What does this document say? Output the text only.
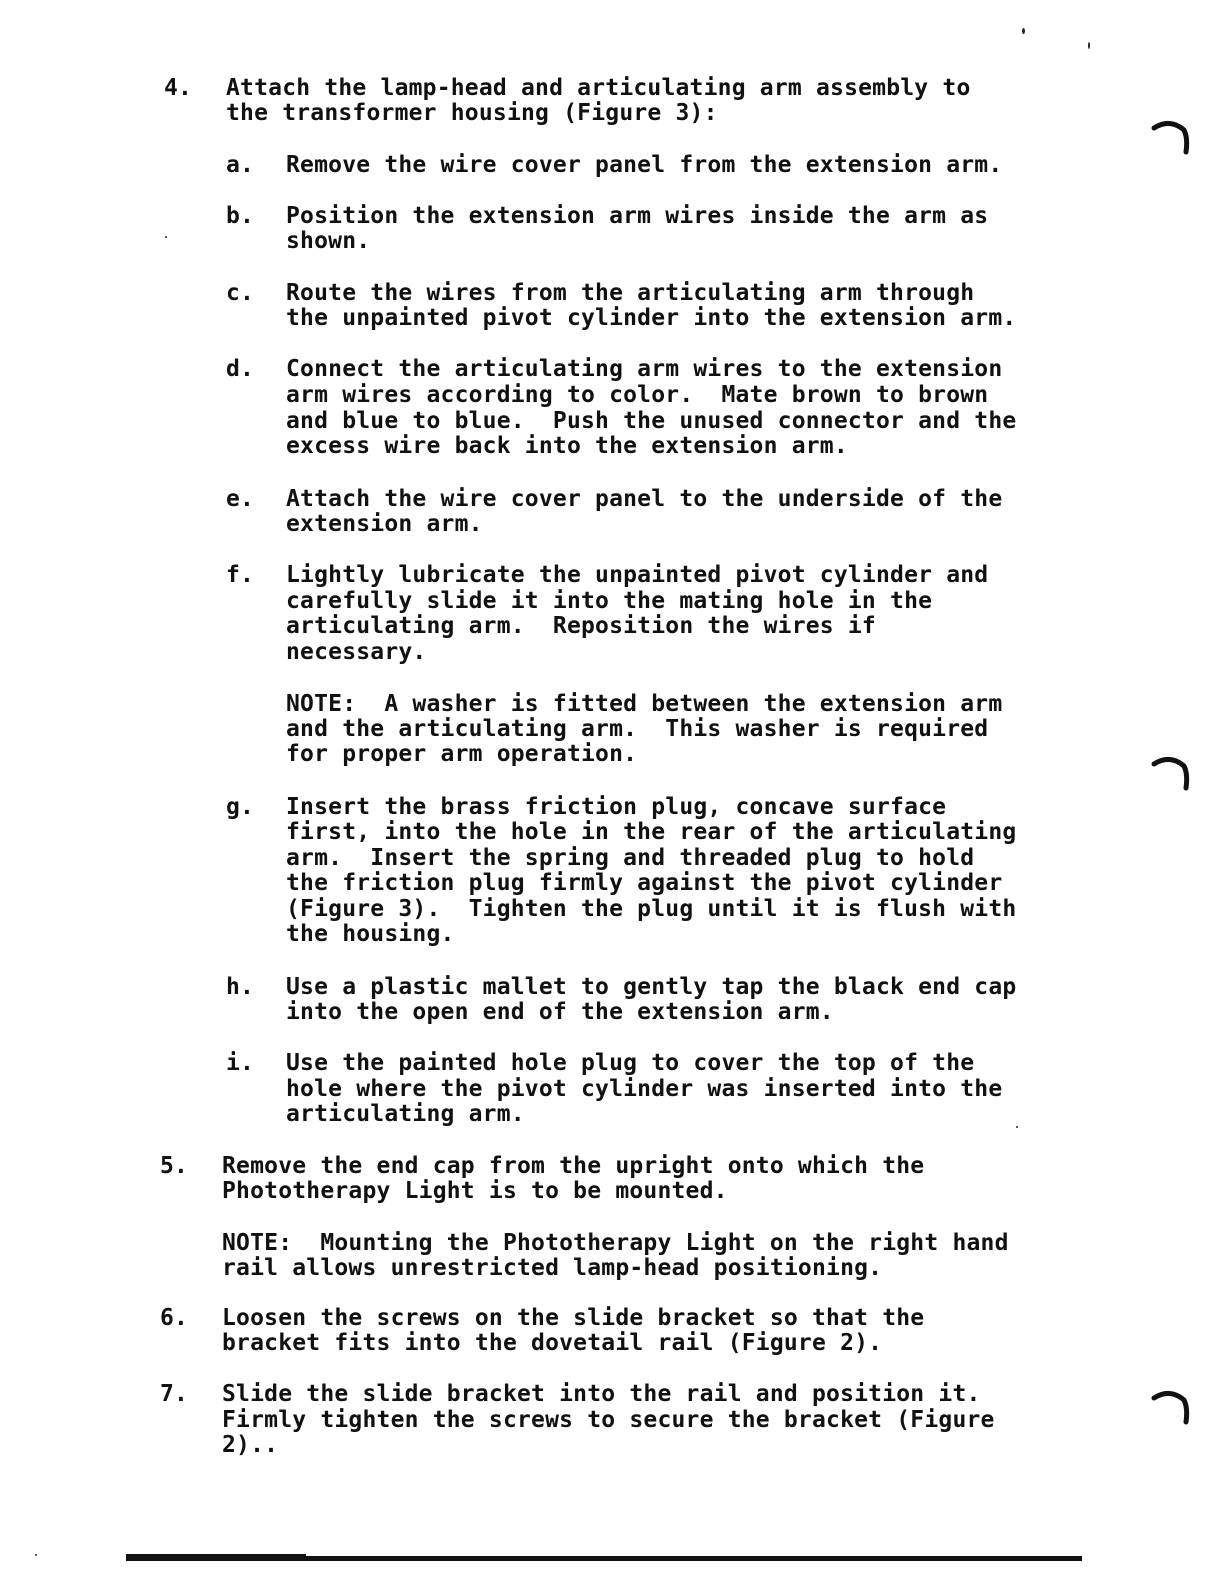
4. Attach the lamp-head and articulating arm assembly to
the transformer housing (Figure 3):
a. Remove the wire cover panel from the extension arm.
b. Position the extension arm wires inside the arm as
shown.
c. Route the wires from the articulating arm through
the unpainted pivot cylinder into the extension arm.
d. Connect the articulating arm wires to the extension
arm wires according to color.  Mate brown to brown
and blue to blue.  Push the unused connector and the
excess wire back into the extension arm.
e. Attach the wire cover panel to the underside of the
extension arm.
f. Lightly lubricate the unpainted pivot cylinder and
carefully slide it into the mating hole in the
articulating arm.  Reposition the wires if
necessary.
NOTE:  A washer is fitted between the extension arm
and the articulating arm.  This washer is required
for proper arm operation.
g. Insert the brass friction plug, concave surface
first, into the hole in the rear of the articulating
arm.  Insert the spring and threaded plug to hold
the friction plug firmly against the pivot cylinder
(Figure 3).  Tighten the plug until it is flush with
the housing.
h. Use a plastic mallet to gently tap the black end cap
into the open end of the extension arm.
i. Use the painted hole plug to cover the top of the
hole where the pivot cylinder was inserted into the
articulating arm.
5. Remove the end cap from the upright onto which the
Phototherapy Light is to be mounted.
NOTE:  Mounting the Phototherapy Light on the right hand
rail allows unrestricted lamp-head positioning.
6. Loosen the screws on the slide bracket so that the
bracket fits into the dovetail rail (Figure 2).
7. Slide the slide bracket into the rail and position it.
Firmly tighten the screws to secure the bracket (Figure
2)..
